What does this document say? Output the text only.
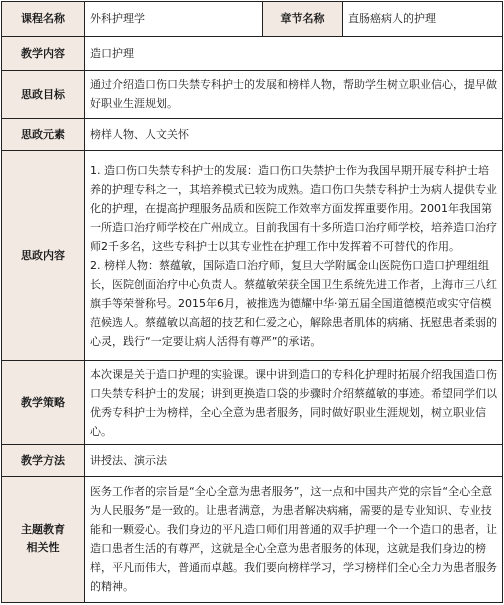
课程名称	外科护理学	章节名称	直肠癌病人的护理
教学内容	造口护理		
思政目标	通过介绍造口伤口失禁专科护士的发展和榜样人物，帮助学生树立职业信心，提早做好职业生涯规划。		
思政元素	榜样人物、人文关怀		
思政内容	1. 造口伤口失禁专科护士的发展：造口伤口失禁护士作为我国早期开展专科护士培养的护理专科之一，其培养模式已较为成熟。造口伤口失禁专科护士为病人提供专业化的护理，在提高护理服务品质和医院工作效率方面发挥重要作用。2001年我国第一所造口治疗师学校在广州成立。目前我国有十多所造口治疗师学校，培养造口治疗师2千多名，这些专科护士以其专业性在护理工作中发挥着不可替代的作用。
2. 榜样人物：蔡蕴敏，国际造口治疗师，复旦大学附属金山医院伤口造口护理组组长，医院创面治疗中心负责人。蔡蕴敏荣获全国卫生系统先进工作者，上海市三八红旗手等荣誉称号。2015年6月，被推选为德耀中华·第五届全国道德模范或实守信模范候选人。蔡蕴敏以高超的技艺和仁爱之心，解除患者肌体的病痛、抚慰患者柔弱的心灵，践行“一定要让病人活得有尊严”的承诺。		

教学策略	本次课是关于造口护理的实验课。课中讲到造口的专科化护理时拓展介绍我国造口伤口失禁专科护士的发展；讲到更换造口袋的步骤时介绍蔡蕴敏的事迹。希望同学们以优秀专科护士为榜样，全心全意为患者服务，同时做好职业生涯规划，树立职业信心。		
教学方法	讲授法、演示法		

主题教育
相关性	医务工作者的宗旨是“全心全意为患者服务”，这一点和中国共产党的宗旨“全心全意为人民服务”是一致的。让患者满意，为患者解决病痛，需要的是专业知识、专业技能和一颗爱心。我们身边的平凡造口师们用普通的双手护理一个一个造口的患者，让造口患者生活的有尊严，这就是全心全意为患者服务的体现，这就是我们身边的榜样，平凡而伟大，普通而卓越。我们要向榜样学习，学习榜样们全心全力为患者服务的精神。		
